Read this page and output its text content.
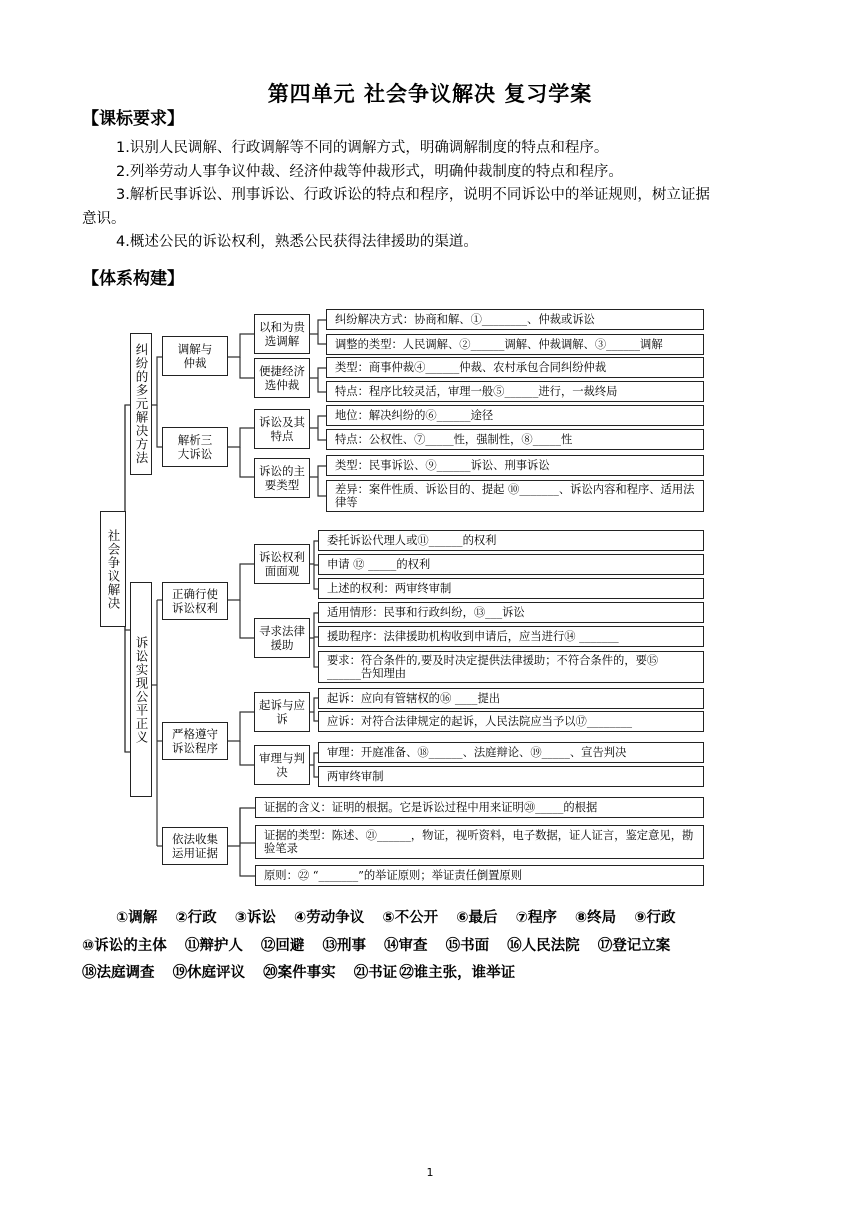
第四单元 社会争议解决 复习学案
【课标要求】

1.识别人民调解、行政调解等不同的调解方式，明确调解制度的特点和程序。

2.列举劳动人事争议仲裁、经济仲裁等仲裁形式，明确仲裁制度的特点和程序。

3.解析民事诉讼、刑事诉讼、行政诉讼的特点和程序，说明不同诉讼中的举证规则，树立证据意识。

4.概述公民的诉讼权利，熟悉公民获得法律援助的渠道。

【体系构建】
社会争议解决
纠纷的多元解决方法
诉讼实现公平正义
调解与仲裁
解析三大诉讼
正确行使诉讼权利
严格遵守诉讼程序
依法收集运用证据
以和为贵选调解
便捷经济选仲裁
诉讼及其特点
诉讼的主要类型
诉讼权利面面观
寻求法律援助
起诉与应诉
审理与判决
纠纷解决方式：协商和解、①________、仲裁或诉讼
调整的类型：人民调解、②______调解、仲裁调解、③______调解
类型：商事仲裁④______仲裁、农村承包合同纠纷仲裁
特点：程序比较灵活，审理一般⑤______进行，一裁终局
地位：解决纠纷的⑥______途径
特点：公权性、⑦_____性，强制性，⑧_____性
类型：民事诉讼、⑨______诉讼、刑事诉讼
差异：案件性质、诉讼目的、提起 ⑩_______、诉讼内容和程序、适用法律等
委托诉讼代理人或⑪______的权利
申请 ⑫ _____的权利
上述的权利：两审终审制
适用情形：民事和行政纠纷，⑬___诉讼
援助程序：法律援助机构收到申请后，应当进行⑭ _______
要求：符合条件的,要及时决定提供法律援助；不符合条件的，要⑮ ______告知理由
起诉：应向有管辖权的⑯ ____提出
应诉：对符合法律规定的起诉，人民法院应当予以⑰________
审理：开庭准备、⑱______、法庭辩论、⑲_____、宣告判决
两审终审制
证据的含义：证明的根据。它是诉讼过程中用来证明⑳_____的根据
证据的类型：陈述、㉑______，物证，视听资料，电子数据，证人证言，鉴定意见，勘验笔录
原则：㉒ “_______”的举证原则；举证责任倒置原则
①调解 ②行政 ③诉讼 ④劳动争议 ⑤不公开 ⑥最后 ⑦程序 ⑧终局 ⑨行政
⑩诉讼的主体 ⑪辩护人 ⑫回避 ⑬刑事 ⑭审查 ⑮书面 ⑯人民法院 ⑰登记立案
⑱法庭调查 ⑲休庭评议 ⑳案件事实 ㉑书证 ㉒谁主张，谁举证
1
